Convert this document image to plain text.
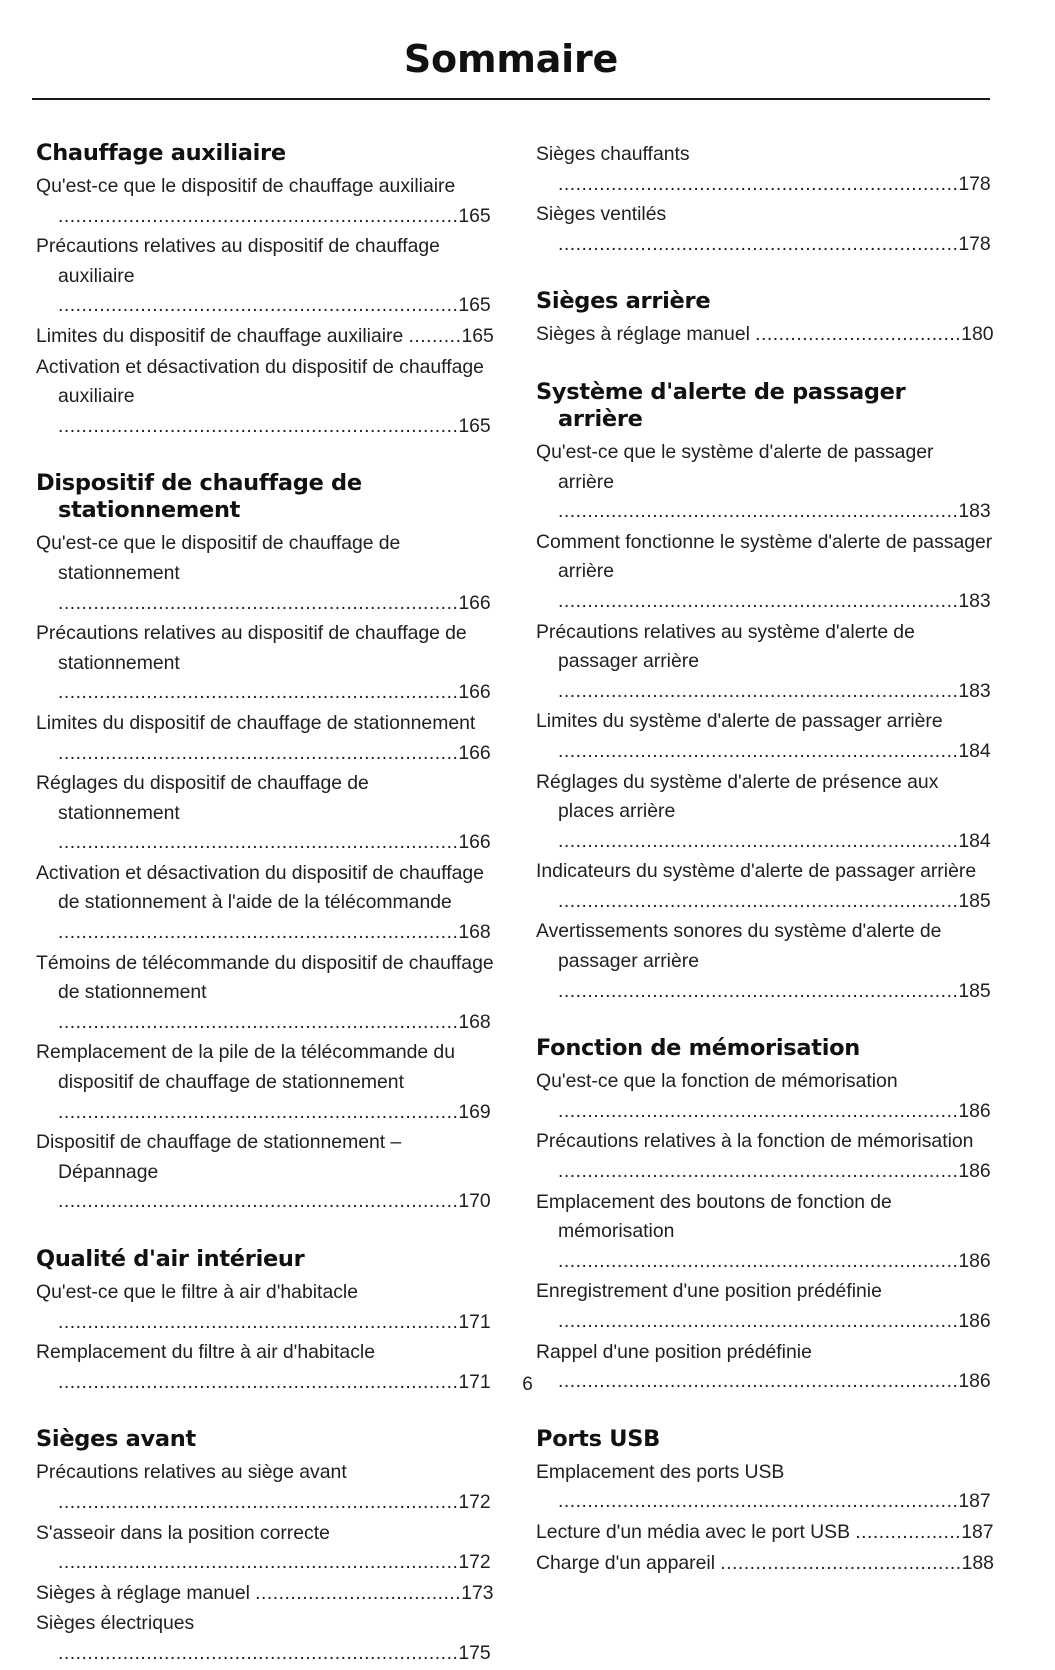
Sommaire
Chauffage auxiliaire
Qu'est-ce que le dispositif de chauffage auxiliaire ....................................................................165
Précautions relatives au dispositif de chauffage auxiliaire ....................................................................165
Limites du dispositif de chauffage auxiliaire .........165
Activation et désactivation du dispositif de chauffage auxiliaire ....................................................................165
Dispositif de chauffage de stationnement
Qu'est-ce que le dispositif de chauffage de stationnement ....................................................................166
Précautions relatives au dispositif de chauffage de stationnement ....................................................................166
Limites du dispositif de chauffage de stationnement ....................................................................166
Réglages du dispositif de chauffage de stationnement ....................................................................166
Activation et désactivation du dispositif de chauffage de stationnement à l'aide de la télécommande ....................................................................168
Témoins de télécommande du dispositif de chauffage de stationnement ....................................................................168
Remplacement de la pile de la télécommande du dispositif de chauffage de stationnement ....................................................................169
Dispositif de chauffage de stationnement – Dépannage ....................................................................170
Qualité d'air intérieur
Qu'est-ce que le filtre à air d'habitacle ....................................................................171
Remplacement du filtre à air d'habitacle ....................................................................171
Sièges avant
Précautions relatives au siège avant ....................................................................172
S'asseoir dans la position correcte ....................................................................172
Sièges à réglage manuel ...................................173
Sièges électriques ....................................................................175
Sièges chauffants ....................................................................178
Sièges ventilés ....................................................................178
Sièges arrière
Sièges à réglage manuel ...................................180
Système d'alerte de passager arrière
Qu'est-ce que le système d'alerte de passager arrière ....................................................................183
Comment fonctionne le système d'alerte de passager arrière ....................................................................183
Précautions relatives au système d'alerte de passager arrière ....................................................................183
Limites du système d'alerte de passager arrière ....................................................................184
Réglages du système d'alerte de présence aux places arrière ....................................................................184
Indicateurs du système d'alerte de passager arrière ....................................................................185
Avertissements sonores du système d'alerte de passager arrière ....................................................................185
Fonction de mémorisation
Qu'est-ce que la fonction de mémorisation ....................................................................186
Précautions relatives à la fonction de mémorisation ....................................................................186
Emplacement des boutons de fonction de mémorisation ....................................................................186
Enregistrement d'une position prédéfinie ....................................................................186
Rappel d'une position prédéfinie ....................................................................186
Ports USB
Emplacement des ports USB ....................................................................187
Lecture d'un média avec le port USB ..................187
Charge d'un appareil .........................................188
6
